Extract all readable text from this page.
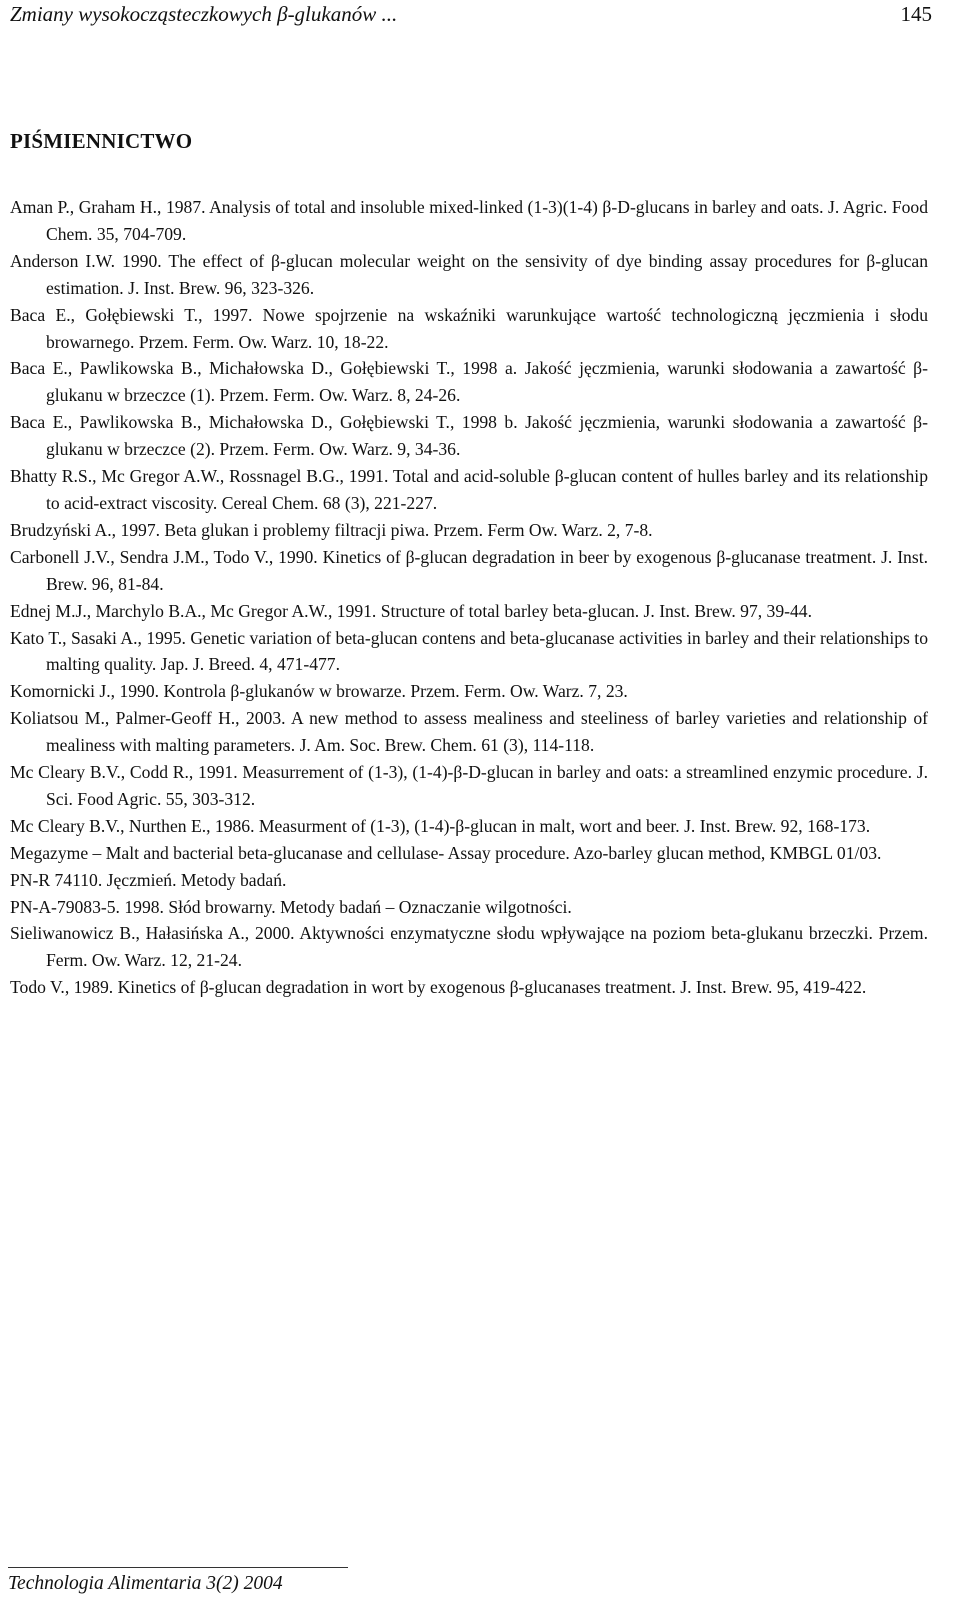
Zmiany wysokocząsteczkowych β-glukanów ...	145
PIŚMIENNICTWO
Aman P., Graham H., 1987. Analysis of total and insoluble mixed-linked (1-3)(1-4) β-D-glucans in barley and oats. J. Agric. Food Chem. 35, 704-709.
Anderson I.W. 1990. The effect of β-glucan molecular weight on the sensivity of dye binding assay procedures for β-glucan estimation. J. Inst. Brew. 96, 323-326.
Baca E., Gołębiewski T., 1997. Nowe spojrzenie na wskaźniki warunkujące wartość technologiczną jęczmienia i słodu browarnego. Przem. Ferm. Ow. Warz. 10, 18-22.
Baca E., Pawlikowska B., Michałowska D., Gołębiewski T., 1998 a. Jakość jęczmienia, warunki słodowania a zawartość β-glukanu w brzeczce (1). Przem. Ferm. Ow. Warz. 8, 24-26.
Baca E., Pawlikowska B., Michałowska D., Gołębiewski T., 1998 b. Jakość jęczmienia, warunki słodowania a zawartość β-glukanu w brzeczce (2). Przem. Ferm. Ow. Warz. 9, 34-36.
Bhatty R.S., Mc Gregor A.W., Rossnagel B.G., 1991. Total and acid-soluble β-glucan content of hulles barley and its relationship to acid-extract viscosity. Cereal Chem. 68 (3), 221-227.
Brudzyński A., 1997. Beta glukan i problemy filtracji piwa. Przem. Ferm Ow. Warz. 2, 7-8.
Carbonell J.V., Sendra J.M., Todo V., 1990. Kinetics of β-glucan degradation in beer by exogenous β-glucanase treatment. J. Inst. Brew. 96, 81-84.
Ednej M.J., Marchylo B.A., Mc Gregor A.W., 1991. Structure of total barley beta-glucan. J. Inst. Brew. 97, 39-44.
Kato T., Sasaki A., 1995. Genetic variation of beta-glucan contens and beta-glucanase activities in barley and their relationships to malting quality. Jap. J. Breed. 4, 471-477.
Komornicki J., 1990. Kontrola β-glukanów w browarze. Przem. Ferm. Ow. Warz. 7, 23.
Koliatsou M., Palmer-Geoff H., 2003. A new method to assess mealiness and steeliness of barley varieties and relationship of mealiness with malting parameters. J. Am. Soc. Brew. Chem. 61 (3), 114-118.
Mc Cleary B.V., Codd R., 1991. Measurrement of (1-3), (1-4)-β-D-glucan in barley and oats: a streamlined enzymic procedure. J. Sci. Food Agric. 55, 303-312.
Mc Cleary B.V., Nurthen E., 1986. Measurment of (1-3), (1-4)-β-glucan in malt, wort and beer. J. Inst. Brew. 92, 168-173.
Megazyme – Malt and bacterial beta-glucanase and cellulase- Assay procedure. Azo-barley glucan method, KMBGL 01/03.
PN-R 74110. Jęczmień. Metody badań.
PN-A-79083-5. 1998. Słód browarny. Metody badań – Oznaczanie wilgotności.
Sieliwanowicz B., Hałasińska A., 2000. Aktywności enzymatyczne słodu wpływające na poziom beta-glukanu brzeczki. Przem. Ferm. Ow. Warz. 12, 21-24.
Todo V., 1989. Kinetics of β-glucan degradation in wort by exogenous β-glucanases treatment. J. Inst. Brew. 95, 419-422.
Technologia Alimentaria 3(2) 2004
